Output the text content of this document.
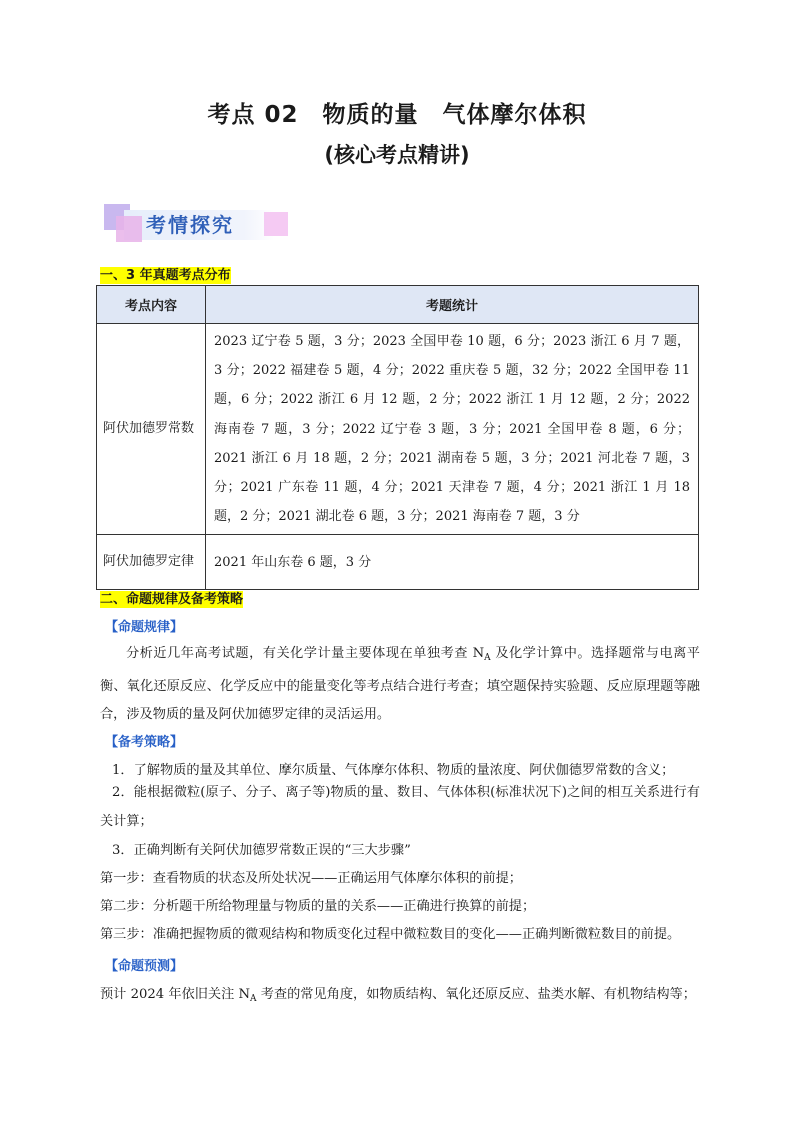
考点 02　物质的量　气体摩尔体积
(核心考点精讲)
考情探究
一、3 年真题考点分布
考点内容	考题统计
阿伏加德罗常数	2023 辽宁卷 5 题，3 分；2023 全国甲卷 10 题，6 分；2023 浙江 6 月 7 题，3 分；2022 福建卷 5 题，4 分；2022 重庆卷 5 题，32 分；2022 全国甲卷 11 题，6 分；2022 浙江 6 月 12 题，2 分；2022 浙江 1 月 12 题，2 分；2022 海南卷 7 题，3 分；2022 辽宁卷 3 题，3 分；2021 全国甲卷 8 题，6 分；2021 浙江 6 月 18 题，2 分；2021 湖南卷 5 题，3 分；2021 河北卷 7 题，3 分；2021 广东卷 11 题，4 分；2021 天津卷 7 题，4 分；2021 浙江 1 月 18 题，2 分；2021 湖北卷 6 题，3 分；2021 海南卷 7 题，3 分
阿伏加德罗定律	2021 年山东卷 6 题，3 分
二、命题规律及备考策略
【命题规律】
分析近几年高考试题，有关化学计量主要体现在单独考查 $N_A$ 及化学计算中。选择题常与电离平衡、氧化还原反应、化学反应中的能量变化等考点结合进行考查；填空题保持实验题、反应原理题等融合，涉及物质的量及阿伏加德罗定律的灵活运用。
【备考策略】
1．了解物质的量及其单位、摩尔质量、气体摩尔体积、物质的量浓度、阿伏伽德罗常数的含义；
2．能根据微粒(原子、分子、离子等)物质的量、数目、气体体积(标准状况下)之间的相互关系进行有关计算；
3．正确判断有关阿伏加德罗常数正误的“三大步骤”
第一步：查看物质的状态及所处状况——正确运用气体摩尔体积的前提；
第二步：分析题干所给物理量与物质的量的关系——正确进行换算的前提；
第三步：准确把握物质的微观结构和物质变化过程中微粒数目的变化——正确判断微粒数目的前提。
【命题预测】
预计 2024 年依旧关注 $N_A$ 考查的常见角度，如物质结构、氧化还原反应、盐类水解、有机物结构等；
